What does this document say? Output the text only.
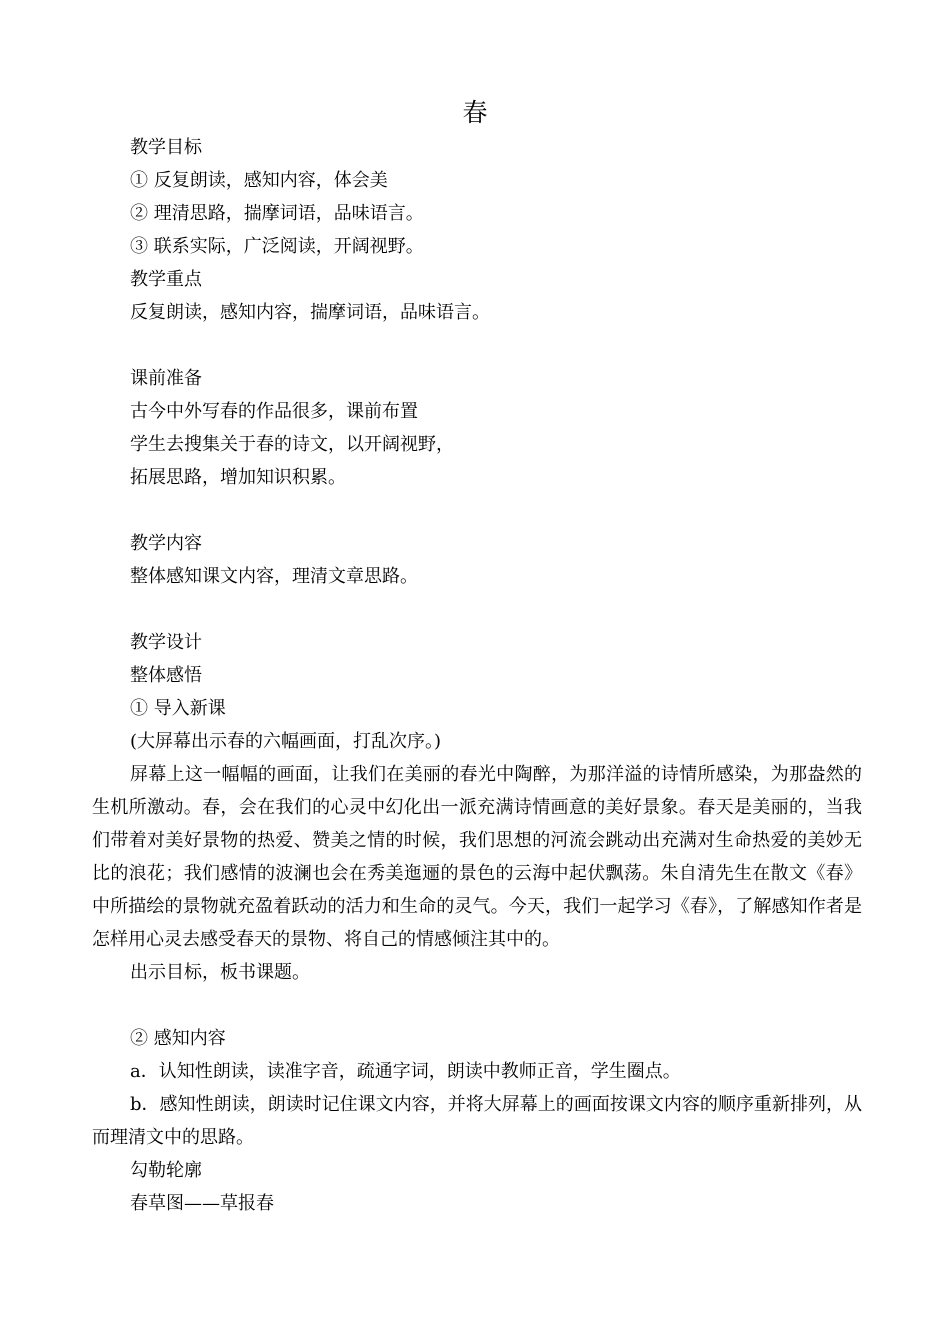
春

教学目标

① 反复朗读，感知内容，体会美

② 理清思路，揣摩词语，品味语言。

③ 联系实际，广泛阅读，开阔视野。

教学重点

反复朗读，感知内容，揣摩词语，品味语言。

课前准备

古今中外写春的作品很多，课前布置

学生去搜集关于春的诗文，以开阔视野，

拓展思路，增加知识积累。

教学内容

整体感知课文内容，理清文章思路。

教学设计

整体感悟

① 导入新课

(大屏幕出示春的六幅画面，打乱次序。)

屏幕上这一幅幅的画面，让我们在美丽的春光中陶醉，为那洋溢的诗情所感染，为那盎然的生机所激动。春，会在我们的心灵中幻化出一派充满诗情画意的美好景象。春天是美丽的，当我们带着对美好景物的热爱、赞美之情的时候，我们思想的河流会跳动出充满对生命热爱的美妙无比的浪花；我们感情的波澜也会在秀美迤逦的景色的云海中起伏飘荡。朱自清先生在散文《春》中所描绘的景物就充盈着跃动的活力和生命的灵气。今天，我们一起学习《春》，了解感知作者是怎样用心灵去感受春天的景物、将自己的情感倾注其中的。

出示目标，板书课题。

② 感知内容

a．认知性朗读，读准字音，疏通字词，朗读中教师正音，学生圈点。

b．感知性朗读，朗读时记住课文内容，并将大屏幕上的画面按课文内容的顺序重新排列，从而理清文中的思路。

勾勒轮廓

春草图——草报春
